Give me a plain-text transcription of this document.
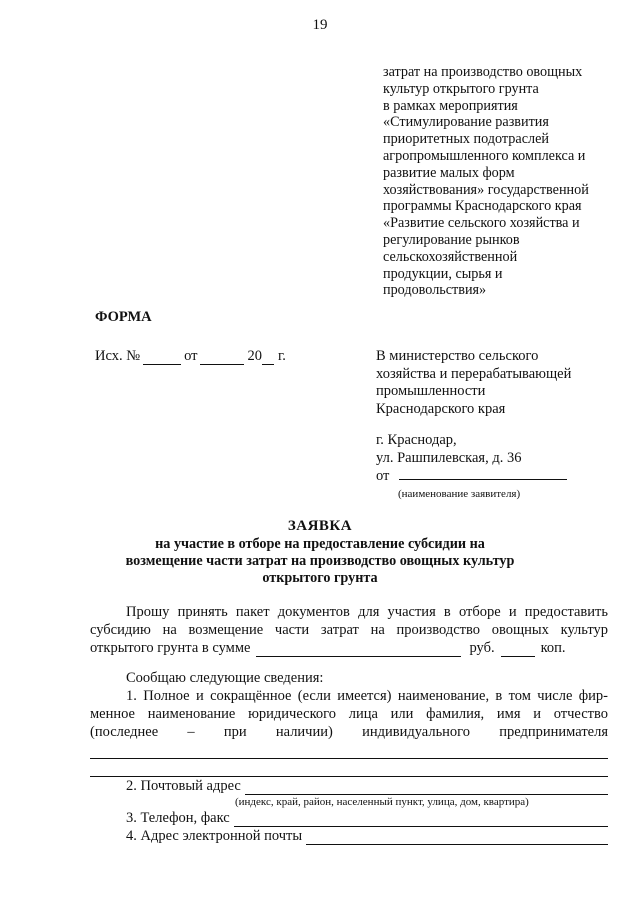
19
затрат на производство овощных
культур открытого грунта
в рамках мероприятия
«Стимулирование развития
приоритетных подотраслей
агропромышленного комплекса и
развитие малых форм
хозяйствования» государственной
программы Краснодарского края
«Развитие сельского хозяйства и
регулирование рынков
сельскохозяйственной
продукции, сырья и
продовольствия»
ФОРМА
Исх. №	от	20 г.	В министерство сельского
хозяйства и перерабатывающей
промышленности
Краснодарского края
г. Краснодар,
ул. Рашпилевская, д. 36
от
(наименование заявителя)
ЗАЯВКА
на участие в отборе на предоставление субсидии на
возмещение части затрат на производство овощных культур
открытого грунта
Прошу принять пакет документов для участия в отборе и предоставить
субсидию на возмещение части затрат на производство овощных культур
открытого грунта в сумме	руб.	коп.
Сообщаю следующие сведения:
1. Полное и сокращённое (если имеется) наименование, в том числе фир-
менное наименование юридического лица или фамилия, имя и отчество
(последнее – при наличии) индивидуального предпринимателя
2. Почтовый адрес
(индекс, край, район, населенный пункт, улица, дом, квартира)
3. Телефон, факс
4. Адрес электронной почты
